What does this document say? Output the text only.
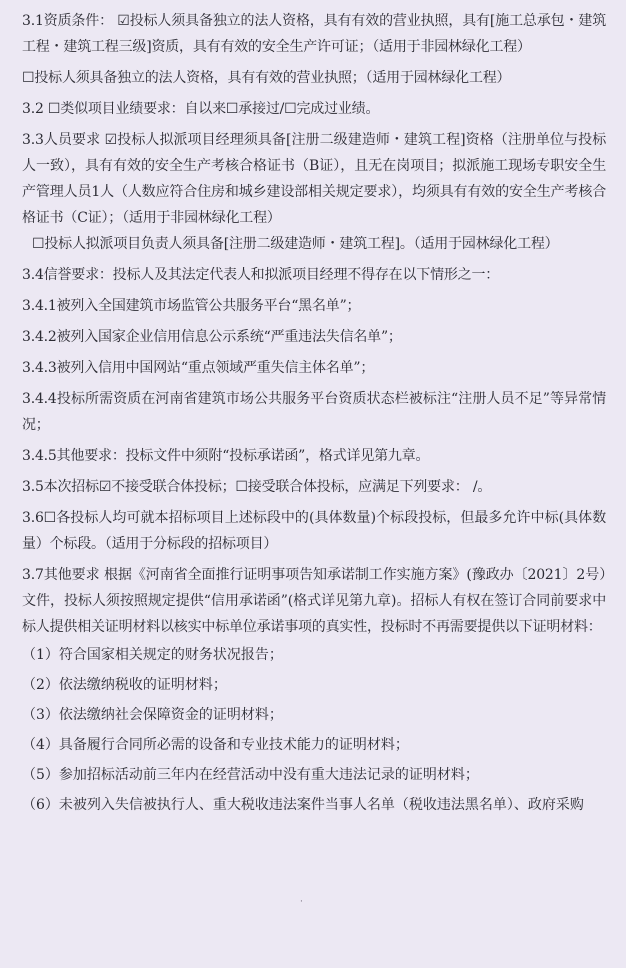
3.1资质条件： ☑投标人须具备独立的法人资格，具有有效的营业执照，具有[施工总承包・建筑工程・建筑工程三级]资质，具有有效的安全生产许可证；（适用于非园林绿化工程）

☐投标人须具备独立的法人资格，具有有效的营业执照；（适用于园林绿化工程）

3.2 ☐类似项目业绩要求：自以来☐承接过/☐完成过业绩。

3.3人员要求 ☑投标人拟派项目经理须具备[注册二级建造师・建筑工程]资格（注册单位与投标人一致），具有有效的安全生产考核合格证书（B证），且无在岗项目；拟派施工现场专职安全生产管理人员1人（人数应符合住房和城乡建设部相关规定要求），均须具有有效的安全生产考核合格证书（C证）；（适用于非园林绿化工程）

☐投标人拟派项目负责人须具备[注册二级建造师・建筑工程]。（适用于园林绿化工程）

3.4信誉要求：投标人及其法定代表人和拟派项目经理不得存在以下情形之一：

3.4.1被列入全国建筑市场监管公共服务平台“黑名单”；

3.4.2被列入国家企业信用信息公示系统“严重违法失信名单”；

3.4.3被列入信用中国网站“重点领域严重失信主体名单”；

3.4.4投标所需资质在河南省建筑市场公共服务平台资质状态栏被标注“注册人员不足”等异常情况；

3.4.5其他要求：投标文件中须附“投标承诺函”，格式详见第九章。

3.5本次招标☑不接受联合体投标；☐接受联合体投标，应满足下列要求： /。

3.6☐各投标人均可就本招标项目上述标段中的(具体数量)个标段投标，但最多允许中标(具体数量）个标段。（适用于分标段的招标项目）

3.7其他要求 根据《河南省全面推行证明事项告知承诺制工作实施方案》(豫政办〔2021〕2号）文件，投标人须按照规定提供“信用承诺函”(格式详见第九章)。招标人有权在签订合同前要求中标人提供相关证明材料以核实中标单位承诺事项的真实性，投标时不再需要提供以下证明材料：

（1）符合国家相关规定的财务状况报告；

（2）依法缴纳税收的证明材料；

（3）依法缴纳社会保障资金的证明材料；

（4）具备履行合同所必需的设备和专业技术能力的证明材料；

（5）参加招标活动前三年内在经营活动中没有重大违法记录的证明材料；

（6）未被列入失信被执行人、重大税收违法案件当事人名单（税收违法黑名单）、政府采购

·
